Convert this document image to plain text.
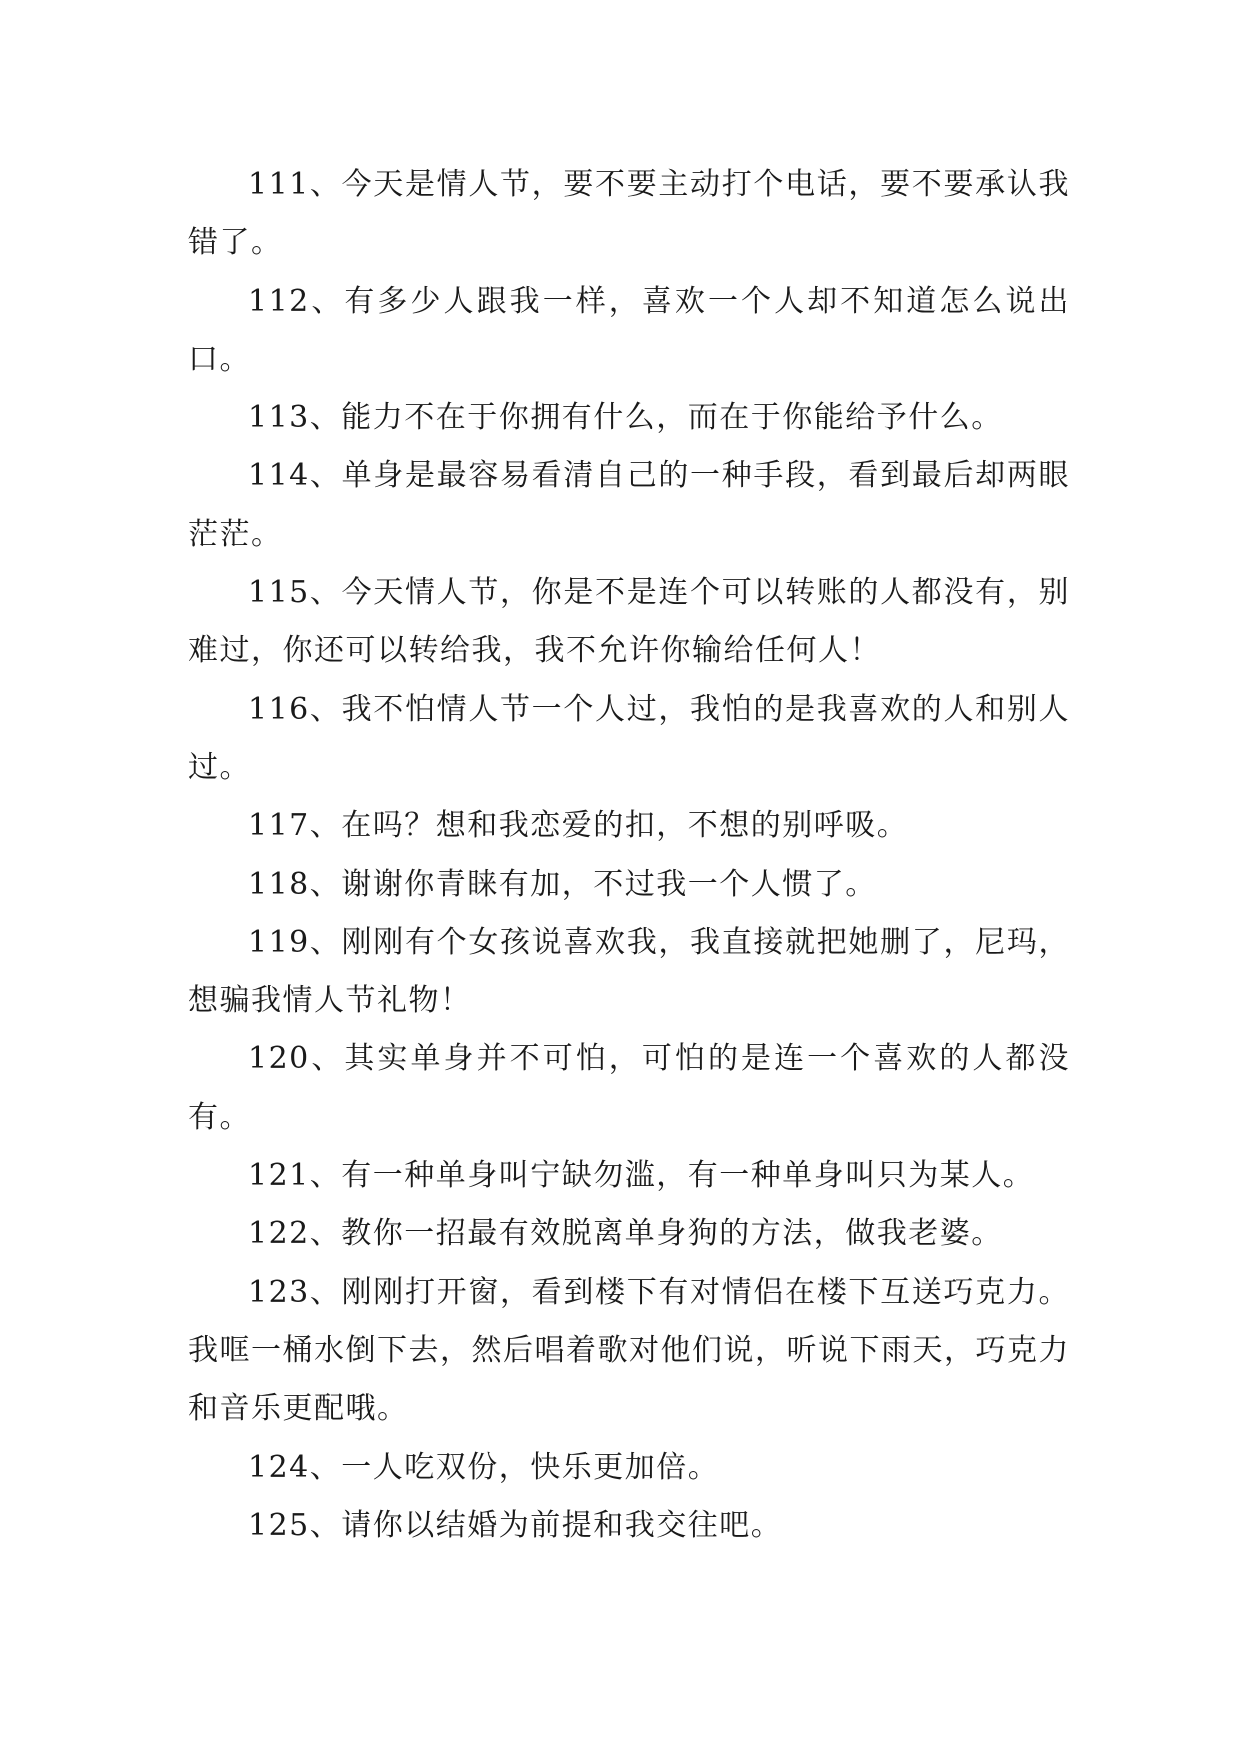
111、今天是情人节，要不要主动打个电话，要不要承认我错了。

112、有多少人跟我一样，喜欢一个人却不知道怎么说出口。

113、能力不在于你拥有什么，而在于你能给予什么。

114、单身是最容易看清自己的一种手段，看到最后却两眼茫茫。

115、今天情人节，你是不是连个可以转账的人都没有，别难过，你还可以转给我，我不允许你输给任何人！

116、我不怕情人节一个人过，我怕的是我喜欢的人和别人过。

117、在吗？想和我恋爱的扣，不想的别呼吸。

118、谢谢你青睐有加，不过我一个人惯了。

119、刚刚有个女孩说喜欢我，我直接就把她删了，尼玛，想骗我情人节礼物！

120、其实单身并不可怕，可怕的是连一个喜欢的人都没有。

121、有一种单身叫宁缺勿滥，有一种单身叫只为某人。

122、教你一招最有效脱离单身狗的方法，做我老婆。

123、刚刚打开窗，看到楼下有对情侣在楼下互送巧克力。我哐一桶水倒下去，然后唱着歌对他们说，听说下雨天，巧克力和音乐更配哦。

124、一人吃双份，快乐更加倍。

125、请你以结婚为前提和我交往吧。
